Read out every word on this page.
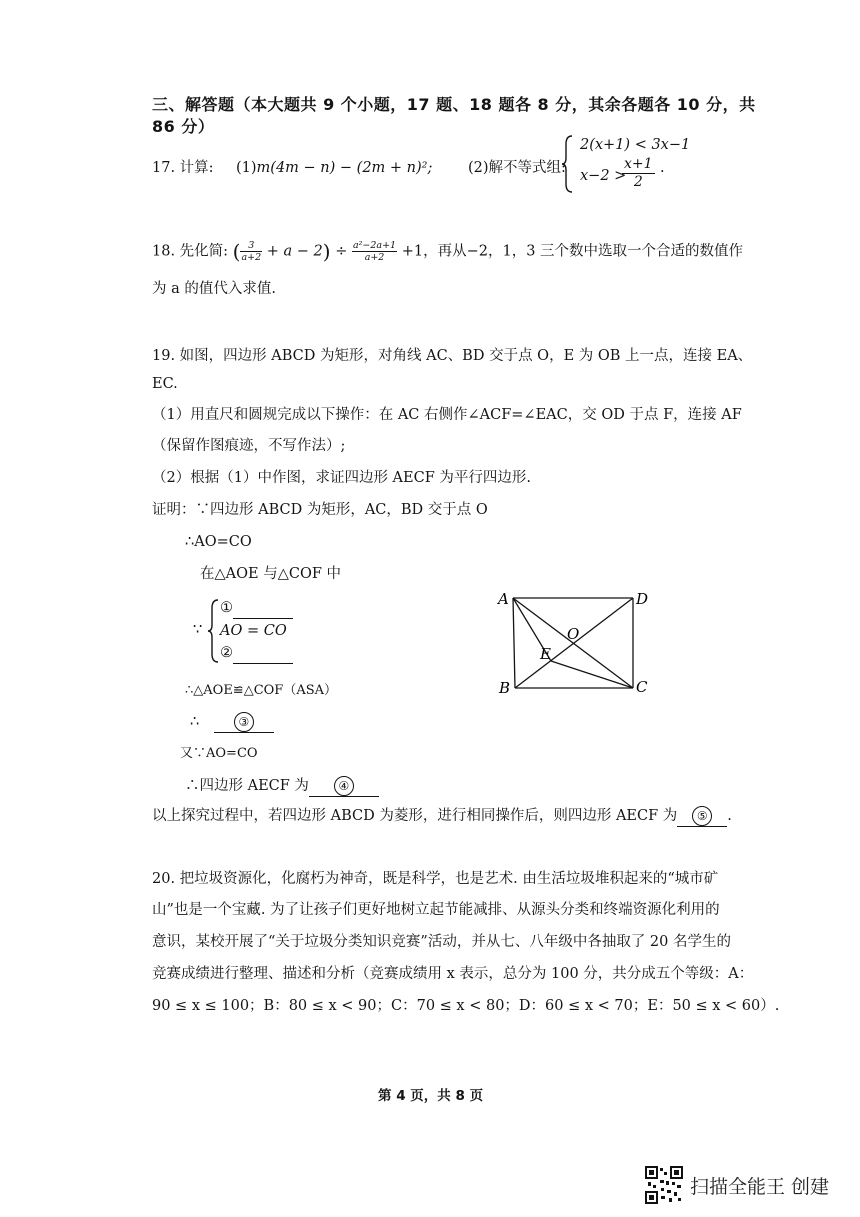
三、解答题（本大题共 9 个小题，17 题、18 题各 8 分，其余各题各 10 分，共
86 分）
17. 计算: (1)m(4m − n) − (2m + n)²; (2)解不等式组:
2(x+1) < 3x−1
x−2 >
$\frac{x+1}{2}$ .
18. 先化简: ( $\frac{3}{a+2} + a - 2) \div \frac{\text{a²−2a+1}}{a+2} +1$，再从−2，1，3 三个数中选取一个合适的数值作
为 a 的值代入求值.
19. 如图，四边形 ABCD 为矩形，对角线 AC、BD 交于点 O，E 为 OB 上一点，连接 EA、
EC.
（1）用直尺和圆规完成以下操作：在 AC 右侧作∠ACF=∠EAC，交 OD 于点 F，连接 AF
（保留作图痕迹，不写作法）;
（2）根据（1）中作图，求证四边形 AECF 为平行四边形.
证明：∵四边形 ABCD 为矩形，AC，BD 交于点 O
∴AO=CO
在△AOE 与△COF 中
∵
①
AO = CO
②
∴△AOE≌△COF（ASA）
∴	③
又∵AO=CO
∴四边形 AECF 为 ④
以上探究过程中，若四边形 ABCD 为菱形，进行相同操作后，则四边形 AECF 为 ⑤ .
A	D
B	C
O
E
20. 把垃圾资源化，化腐朽为神奇，既是科学，也是艺术. 由生活垃圾堆积起来的“城市矿
山”也是一个宝藏. 为了让孩子们更好地树立起节能减排、从源头分类和终端资源化利用的
意识，某校开展了“关于垃圾分类知识竞赛”活动，并从七、八年级中各抽取了 20 名学生的
竞赛成绩进行整理、描述和分析（竞赛成绩用 x 表示，总分为 100 分，共分成五个等级：A：
90 ≤ x ≤ 100；B：80 ≤ x < 90；C：70 ≤ x < 80；D：60 ≤ x < 70；E：50 ≤ x < 60）.
第 4 页，共 8 页
扫描全能王 创建
